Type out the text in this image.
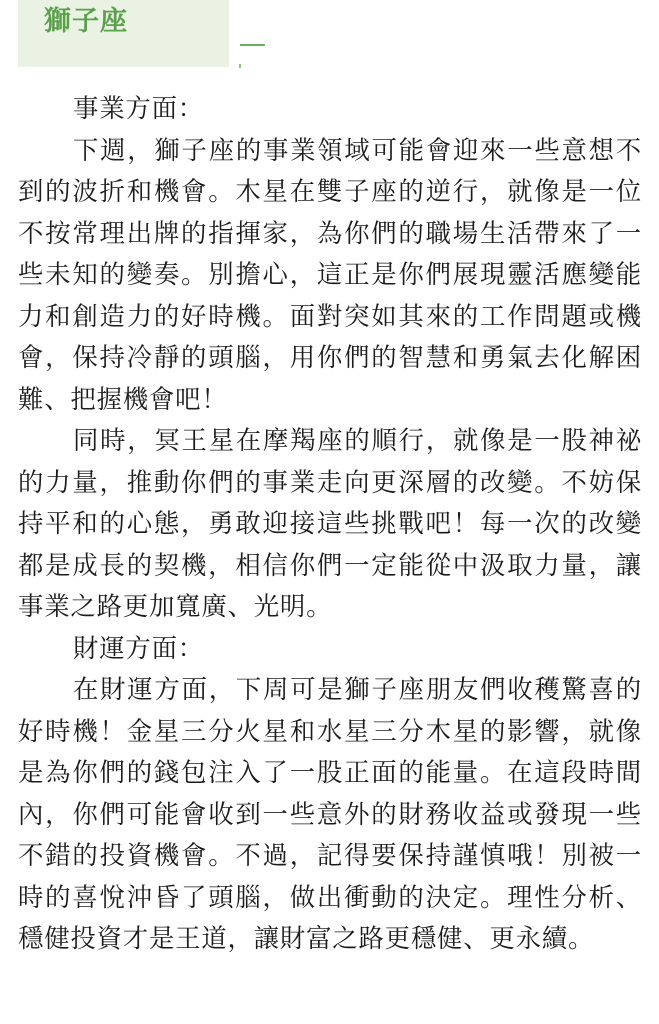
獅子座

事業方面：

下週，獅子座的事業領域可能會迎來一些意想不到的波折和機會。木星在雙子座的逆行，就像是一位不按常理出牌的指揮家，為你們的職場生活帶來了一些未知的變奏。別擔心，這正是你們展現靈活應變能力和創造力的好時機。面對突如其來的工作問題或機會，保持冷靜的頭腦，用你們的智慧和勇氣去化解困難、把握機會吧！

同時，冥王星在摩羯座的順行，就像是一股神祕的力量，推動你們的事業走向更深層的改變。不妨保持平和的心態，勇敢迎接這些挑戰吧！每一次的改變都是成長的契機，相信你們一定能從中汲取力量，讓事業之路更加寬廣、光明。

財運方面：

在財運方面，下周可是獅子座朋友們收穫驚喜的好時機！金星三分火星和水星三分木星的影響，就像是為你們的錢包注入了一股正面的能量。在這段時間內，你們可能會收到一些意外的財務收益或發現一些不錯的投資機會。不過，記得要保持謹慎哦！別被一時的喜悅沖昏了頭腦，做出衝動的決定。理性分析、穩健投資才是王道，讓財富之路更穩健、更永續。
